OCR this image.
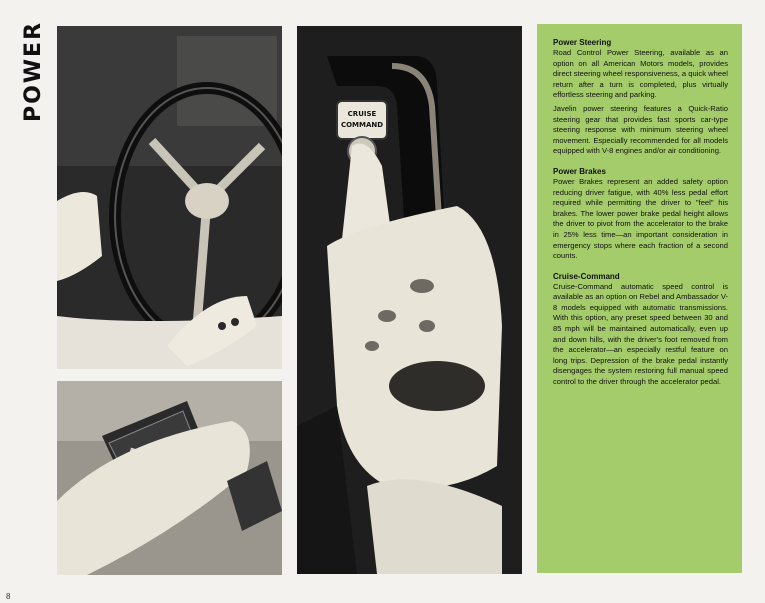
POWER	CRUISE
COMMAND
Power Steering

Road Control Power Steering, available as an option on all American Motors models, provides direct steering wheel responsiveness, a quick wheel return after a turn is completed, plus virtually effortless steering and parking.

Javelin power steering features a Quick-Ratio steering gear that provides fast sports car-type steering response with minimum steering wheel movement. Especially recommended for all models equipped with V-8 engines and/or air conditioning.

Power Brakes

Power Brakes represent an added safety option reducing driver fatigue, with 40% less pedal effort required while permitting the driver to "feel" his brakes. The lower power brake pedal height allows the driver to pivot from the accelerator to the brake in 25% less time—an important consideration in emergency stops where each fraction of a second counts.

Cruise-Command

Cruise-Command automatic speed control is available as an option on Rebel and Ambassador V-8 models equipped with automatic transmissions. With this option, any preset speed between 30 and 85 mph will be maintained automatically, even up and down hills, with the driver's foot removed from the accelerator—an especially restful feature on long trips. Depression of the brake pedal instantly disengages the system restoring full manual speed control to the driver through the accelerator pedal.

8
